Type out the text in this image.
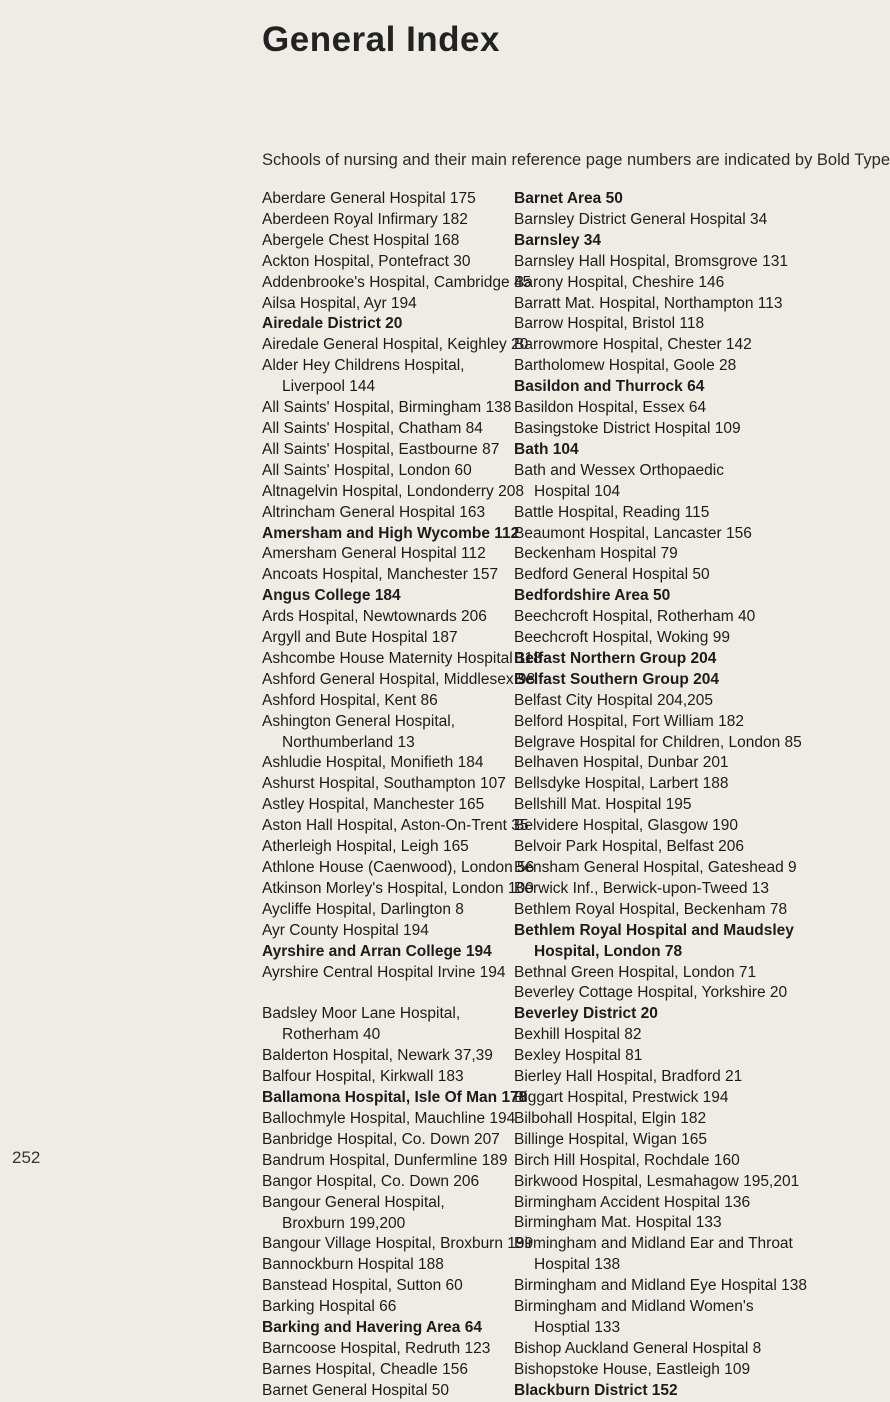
General Index
Schools of nursing and their main reference page numbers are indicated by Bold Type
Aberdare General Hospital 175
Aberdeen Royal Infirmary 182
Abergele Chest Hospital 168
Ackton Hospital, Pontefract 30
Addenbrooke's Hospital, Cambridge 45
Ailsa Hospital, Ayr 194
Airedale District 20
Airedale General Hospital, Keighley 20
Alder Hey Childrens Hospital,
Liverpool 144
All Saints' Hospital, Birmingham 138
All Saints' Hospital, Chatham 84
All Saints' Hospital, Eastbourne 87
All Saints' Hospital, London 60
Altnagelvin Hospital, Londonderry 208
Altrincham General Hospital 163
Amersham and High Wycombe 112
Amersham General Hospital 112
Ancoats Hospital, Manchester 157
Angus College 184
Ards Hospital, Newtownards 206
Argyll and Bute Hospital 187
Ashcombe House Maternity Hospital 118
Ashford General Hospital, Middlesex 98
Ashford Hospital, Kent 86
Ashington General Hospital,
Northumberland 13
Ashludie Hospital, Monifieth 184
Ashurst Hospital, Southampton 107
Astley Hospital, Manchester 165
Aston Hall Hospital, Aston-On-Trent 35
Atherleigh Hospital, Leigh 165
Athlone House (Caenwood), London 56
Atkinson Morley's Hospital, London 100
Aycliffe Hospital, Darlington 8
Ayr County Hospital 194
Ayrshire and Arran College 194
Ayrshire Central Hospital Irvine 194
Badsley Moor Lane Hospital,
Rotherham 40
Balderton Hospital, Newark 37,39
Balfour Hospital, Kirkwall 183
Ballamona Hospital, Isle Of Man 178
Ballochmyle Hospital, Mauchline 194
Banbridge Hospital, Co. Down 207
Bandrum Hospital, Dunfermline 189
Bangor Hospital, Co. Down 206
Bangour General Hospital,
Broxburn 199,200
Bangour Village Hospital, Broxburn 199
Bannockburn Hospital 188
Banstead Hospital, Sutton 60
Barking Hospital 66
Barking and Havering Area 64
Barncoose Hospital, Redruth 123
Barnes Hospital, Cheadle 156
Barnet General Hospital 50
Barnet Area 50
Barnsley District General Hospital 34
Barnsley 34
Barnsley Hall Hospital, Bromsgrove 131
Barony Hospital, Cheshire 146
Barratt Mat. Hospital, Northampton 113
Barrow Hospital, Bristol 118
Barrowmore Hospital, Chester 142
Bartholomew Hospital, Goole 28
Basildon and Thurrock 64
Basildon Hospital, Essex 64
Basingstoke District Hospital 109
Bath 104
Bath and Wessex Orthopaedic
Hospital 104
Battle Hospital, Reading 115
Beaumont Hospital, Lancaster 156
Beckenham Hospital 79
Bedford General Hospital 50
Bedfordshire Area 50
Beechcroft Hospital, Rotherham 40
Beechcroft Hospital, Woking 99
Belfast Northern Group 204
Belfast Southern Group 204
Belfast City Hospital 204,205
Belford Hospital, Fort William 182
Belgrave Hospital for Children, London 85
Belhaven Hospital, Dunbar 201
Bellsdyke Hospital, Larbert 188
Bellshill Mat. Hospital 195
Belvidere Hospital, Glasgow 190
Belvoir Park Hospital, Belfast 206
Bensham General Hospital, Gateshead 9
Berwick Inf., Berwick-upon-Tweed 13
Bethlem Royal Hospital, Beckenham 78
Bethlem Royal Hospital and Maudsley
Hospital, London 78
Bethnal Green Hospital, London 71
Beverley Cottage Hospital, Yorkshire 20
Beverley District 20
Bexhill Hospital 82
Bexley Hospital 81
Bierley Hall Hospital, Bradford 21
Biggart Hospital, Prestwick 194
Bilbohall Hospital, Elgin 182
Billinge Hospital, Wigan 165
Birch Hill Hospital, Rochdale 160
Birkwood Hospital, Lesmahagow 195,201
Birmingham Accident Hospital 136
Birmingham Mat. Hospital 133
Birmingham and Midland Ear and Throat
Hospital 138
Birmingham and Midland Eye Hospital 138
Birmingham and Midland Women's
Hosptial 133
Bishop Auckland General Hospital 8
Bishopstoke House, Eastleigh 109
Blackburn District 152
252
